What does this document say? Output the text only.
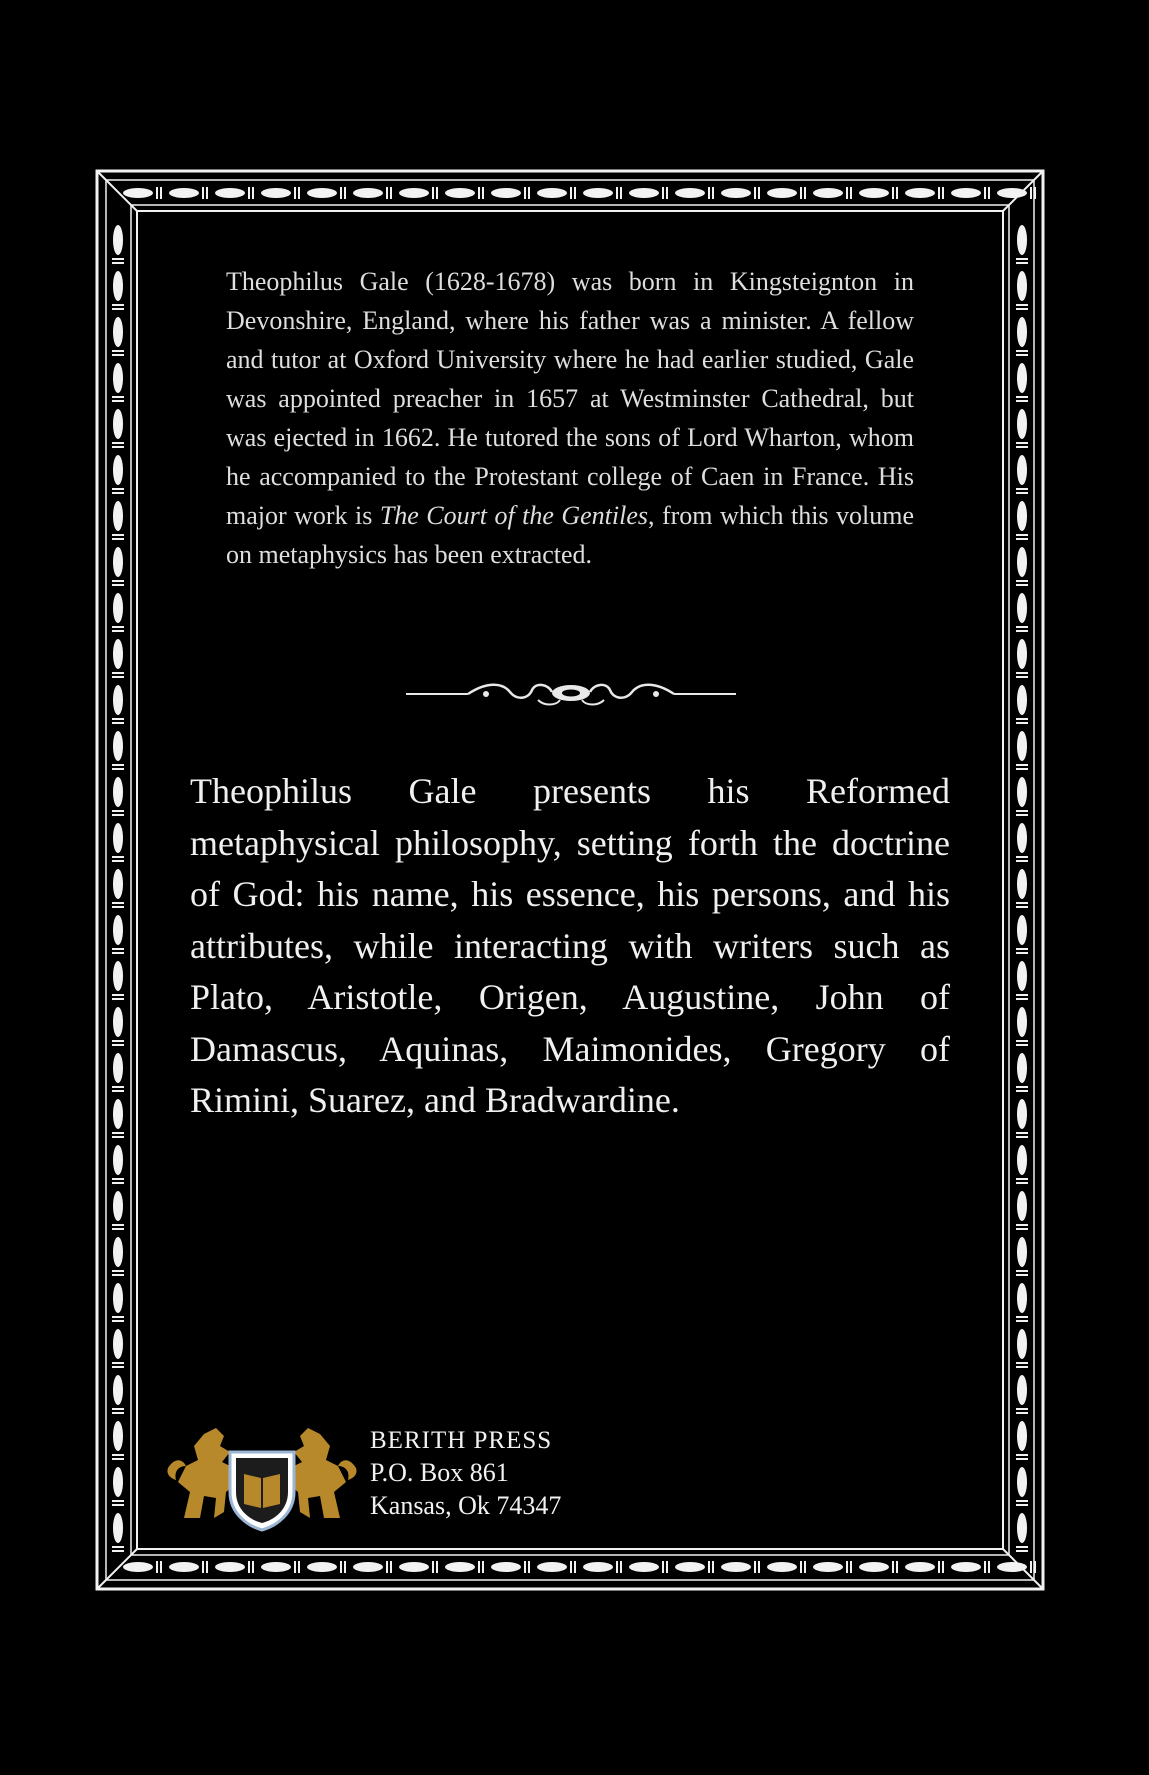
Theophilus Gale (1628-1678) was born in Kingsteignton in Devonshire, England, where his father was a minister. A fellow and tutor at Oxford University where he had earlier studied, Gale was appointed preacher in 1657 at Westminster Cathedral, but was ejected in 1662. He tutored the sons of Lord Wharton, whom he accompanied to the Protestant college of Caen in France. His major work is The Court of the Gentiles, from which this volume on metaphysics has been extracted.

Theophilus Gale presents his Reformed metaphysical philosophy, setting forth the doctrine of God: his name, his essence, his persons, and his attributes, while interacting with writers such as Plato, Aristotle, Origen, Augustine, John of Damascus, Aquinas, Maimonides, Gregory of Rimini, Suarez, and Bradwardine.

BERITH PRESS
P.O. Box 861
Kansas, Ok 74347
